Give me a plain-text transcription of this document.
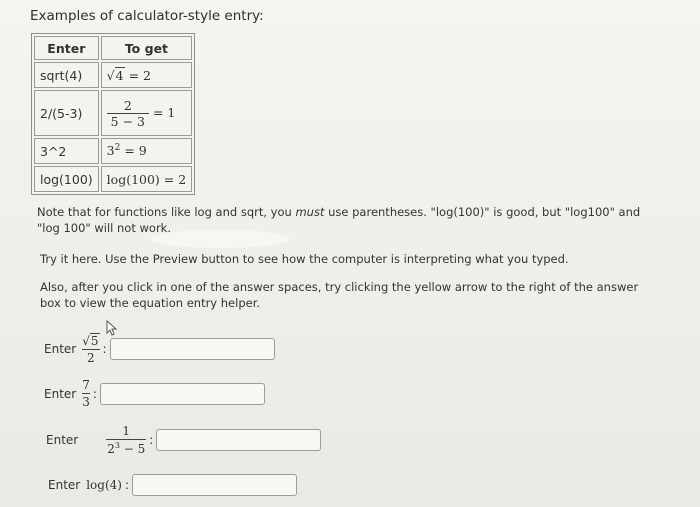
Examples of calculator-style entry:
Enter	To get
sqrt(4)	√ 4 = 2
2/(5-3)	$\frac{2}{5 - 3} = 1$
3^2	$3^2 = 9$
log(100)	log(100) = 2
Note that for functions like log and sqrt, you must use parentheses. "log(100)" is good, but "log100" and "log 100" will not work.
Try it here. Use the Preview button to see how the computer is interpreting what you typed.
Also, after you click in one of the answer spaces, try clicking the yellow arrow to the right of the answer box to view the equation entry helper.
Enter
√ 5
2
:
Enter
7
3
:
Enter
1
$2^3 - 5$
:
Enter log(4) :
